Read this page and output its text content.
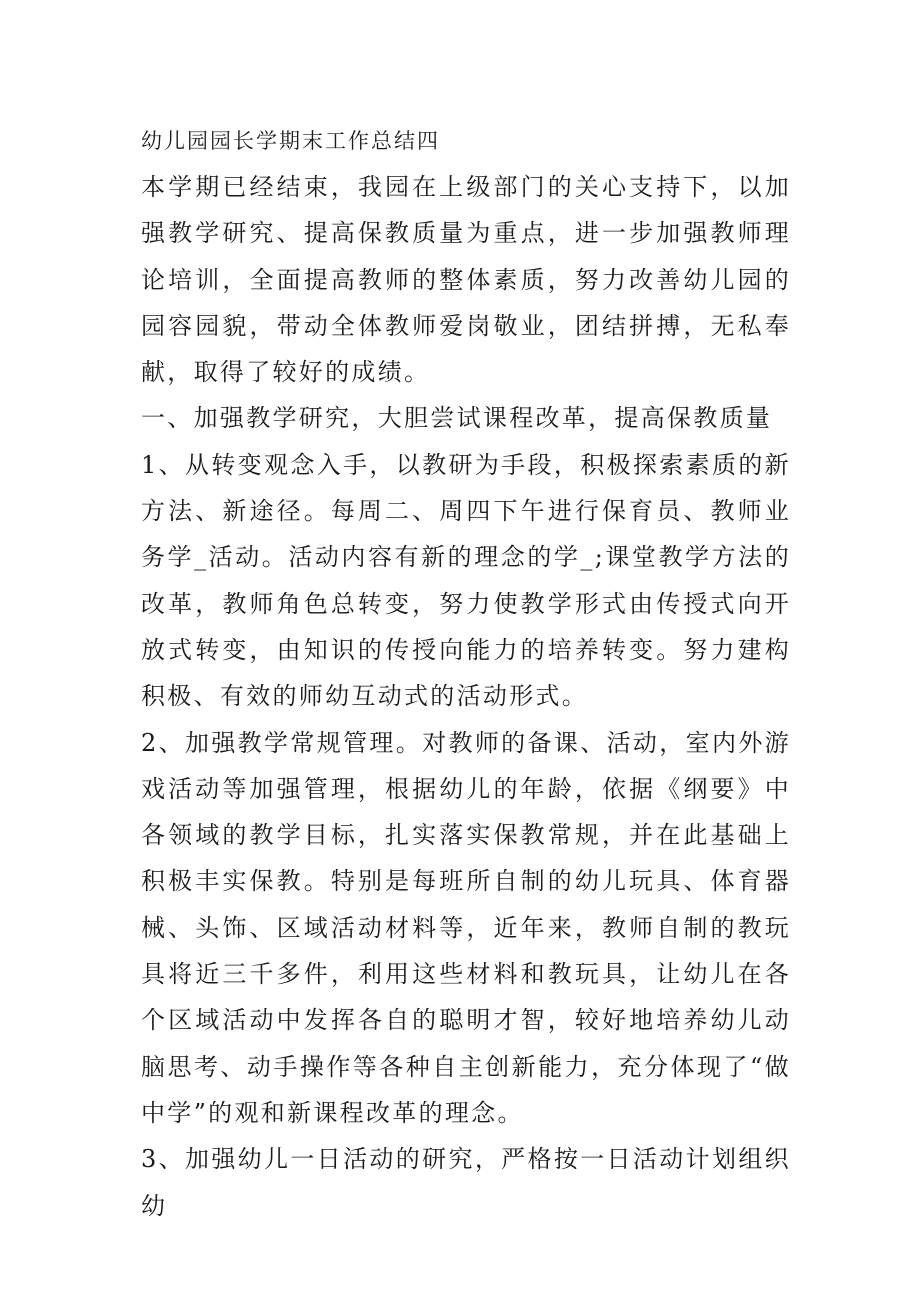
幼儿园园长学期末工作总结四

本学期已经结束，我园在上级部门的关心支持下，以加强教学研究、提高保教质量为重点，进一步加强教师理论培训，全面提高教师的整体素质，努力改善幼儿园的园容园貌，带动全体教师爱岗敬业，团结拼搏，无私奉献，取得了较好的成绩。

一、加强教学研究，大胆尝试课程改革，提高保教质量

1、从转变观念入手，以教研为手段，积极探索素质的新方法、新途径。每周二、周四下午进行保育员、教师业务学_活动。活动内容有新的理念的学_;课堂教学方法的改革，教师角色总转变，努力使教学形式由传授式向开放式转变，由知识的传授向能力的培养转变。努力建构积极、有效的师幼互动式的活动形式。

2、加强教学常规管理。对教师的备课、活动，室内外游戏活动等加强管理，根据幼儿的年龄，依据《纲要》中各领域的教学目标，扎实落实保教常规，并在此基础上积极丰实保教。特别是每班所自制的幼儿玩具、体育器械、头饰、区域活动材料等，近年来，教师自制的教玩具将近三千多件，利用这些材料和教玩具，让幼儿在各个区域活动中发挥各自的聪明才智，较好地培养幼儿动脑思考、动手操作等各种自主创新能力，充分体现了“做中学”的观和新课程改革的理念。

3、加强幼儿一日活动的研究，严格按一日活动计划组织幼
